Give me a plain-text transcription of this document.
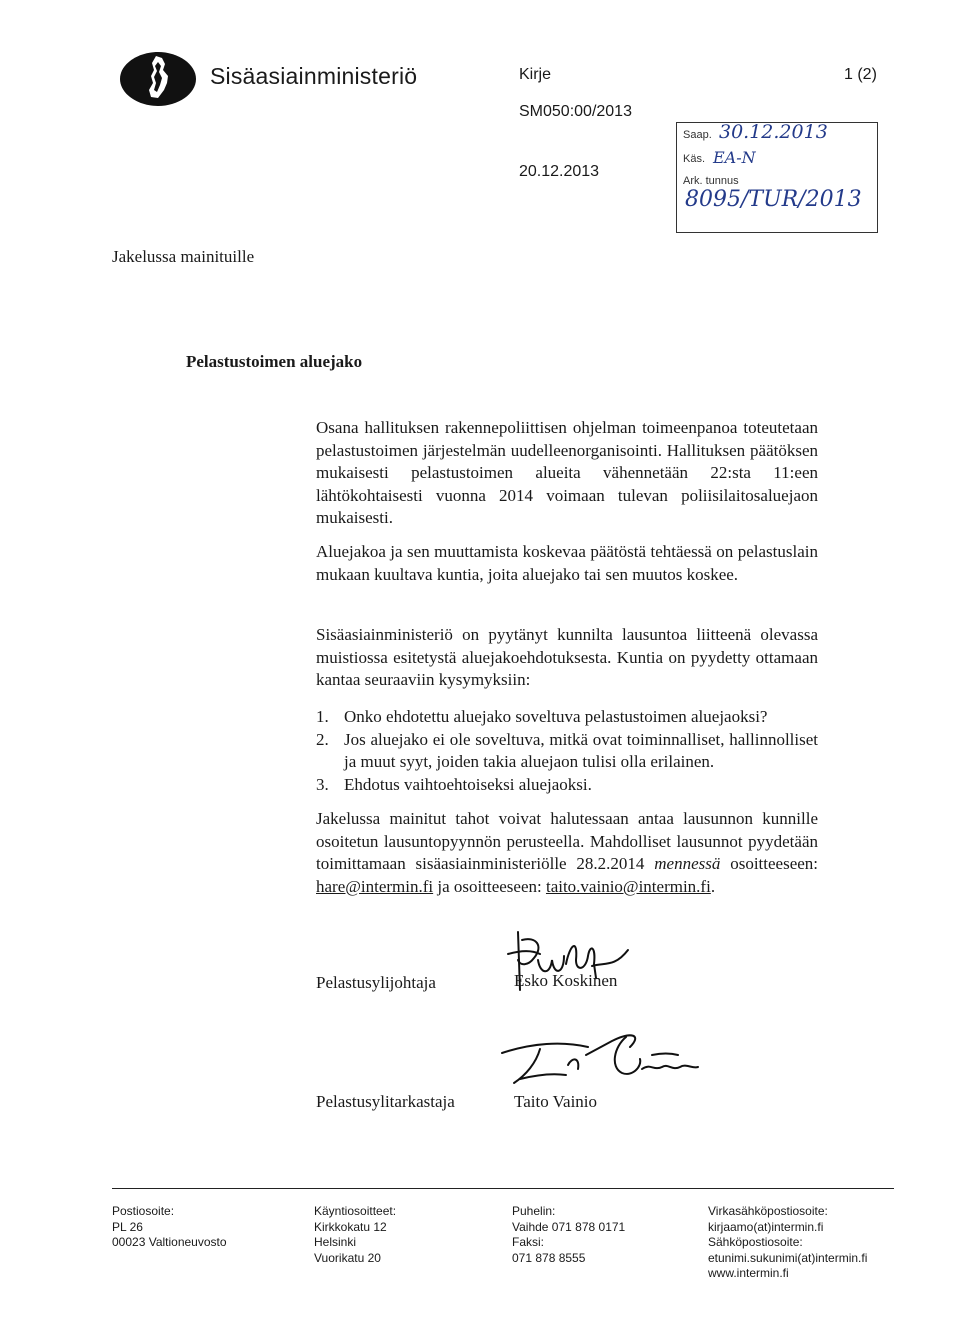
Sisäasiainministeriö	Kirje	1 (2)
SM050:00/2013
20.12.2013
Saap. 30.12.2013
Käs. EA-N
Ark. tunnus
8095/TUR/2013
Jakelussa mainituille
Pelastustoimen aluejako
Osana hallituksen rakennepoliittisen ohjelman toimeenpanoa toteutetaan pelastustoimen järjestelmän uudelleenorganisointi. Hallituksen päätöksen mukaisesti pelastustoimen alueita vähennetään 22:sta 11:een lähtökohtaisesti vuonna 2014 voimaan tulevan poliisilaitosaluejaon mukaisesti.
Aluejakoa ja sen muuttamista koskevaa päätöstä tehtäessä on pelastuslain mukaan kuultava kuntia, joita aluejako tai sen muutos koskee.
Sisäasiainministeriö on pyytänyt kunnilta lausuntoa liitteenä olevassa muistiossa esitetystä aluejakoehdotuksesta. Kuntia on pyydetty ottamaan kantaa seuraaviin kysymyksiin:
1. Onko ehdotettu aluejako soveltuva pelastustoimen aluejaoksi?
2. Jos aluejako ei ole soveltuva, mitkä ovat toiminnalliset, hallinnolliset ja muut syyt, joiden takia aluejaon tulisi olla erilainen.
3. Ehdotus vaihtoehtoiseksi aluejaoksi.
Jakelussa mainitut tahot voivat halutessaan antaa lausunnon kunnille osoitetun lausuntopyynnön perusteella. Mahdolliset lausunnot pyydetään toimittamaan sisäasiainministeriölle 28.2.2014 mennessä osoitteeseen: hare@intermin.fi ja osoitteeseen: taito.vainio@intermin.fi.
Pelastusylijohtaja	Esko Koskinen
Pelastusylitarkastaja	Taito Vainio
Postiosoite:
PL 26
00023 Valtioneuvosto
Käyntiosoitteet:
Kirkkokatu 12
Helsinki
Vuorikatu 20
Puhelin:
Vaihde 071 878 0171
Faksi:
071 878 8555
Virkasähköpostiosoite:
kirjaamo(at)intermin.fi
Sähköpostiosoite:
etunimi.sukunimi(at)intermin.fi
www.intermin.fi
